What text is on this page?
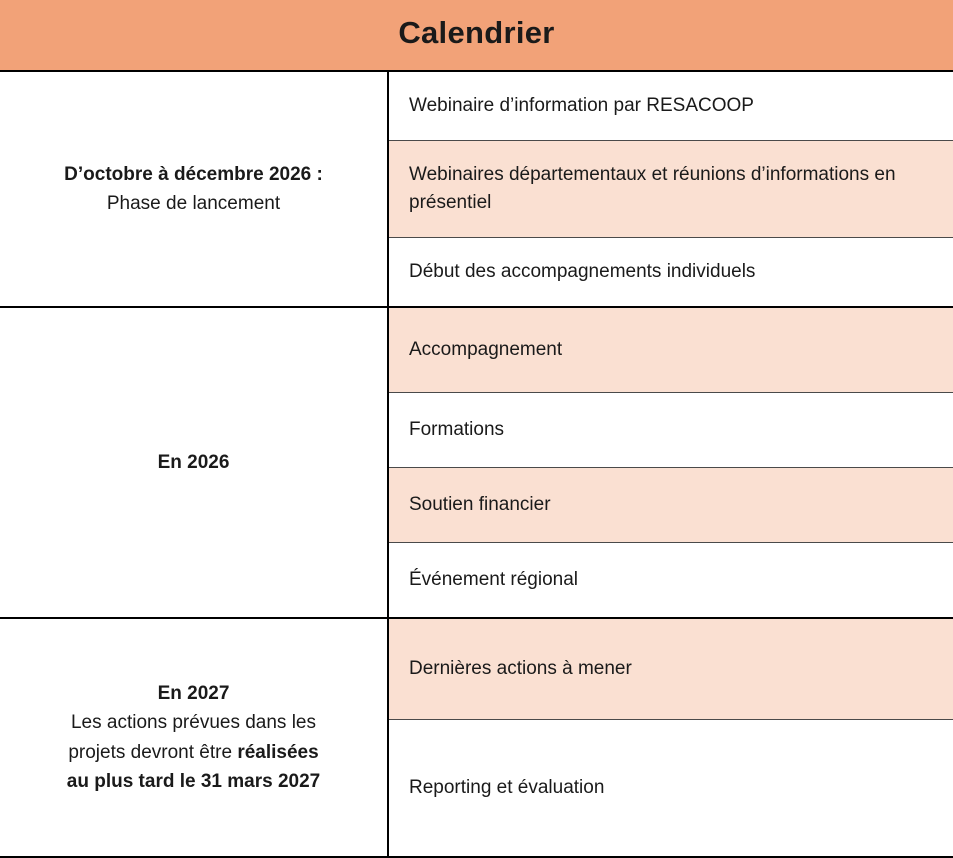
Calendrier	

D’octobre à décembre 2026 :
Phase de lancement	Webinaire d’information par RESACOOP
	Webinaires départementaux et réunions d’informations en présentiel
	Début des accompagnements individuels

En 2026	Accompagnement
	Formations
	Soutien financier
	Événement régional

En 2027
Les actions prévues dans les
projets devront être réalisées
au plus tard le 31 mars 2027	Dernières actions à mener
	Reporting et évaluation
